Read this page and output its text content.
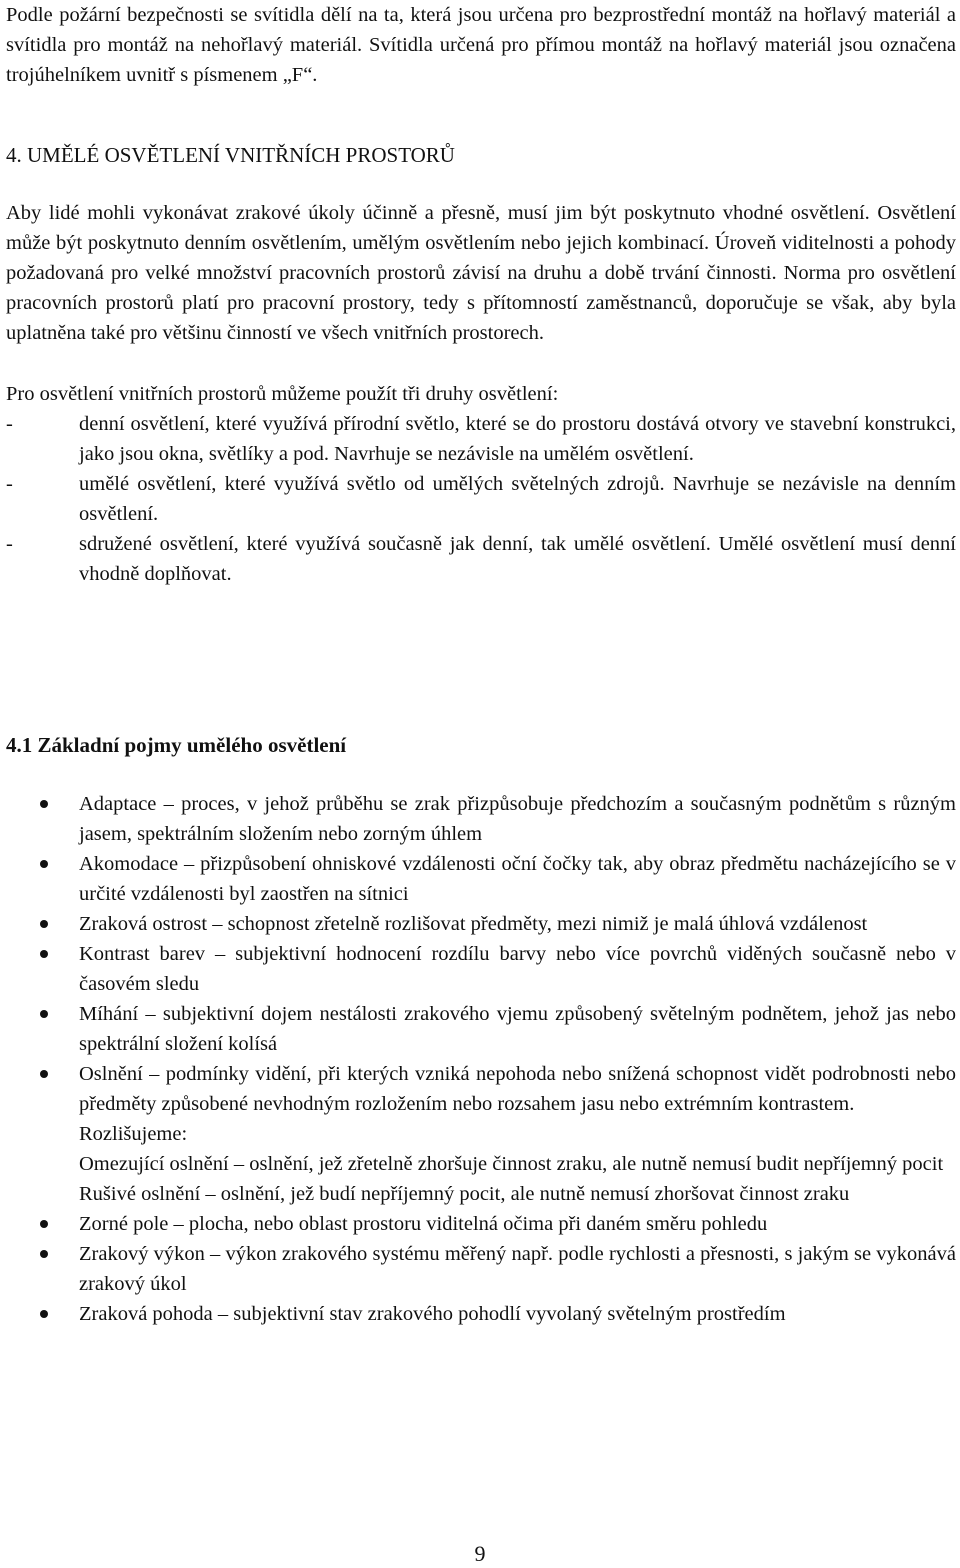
Podle požární bezpečnosti se svítidla dělí na ta, která jsou určena pro bezprostřední montáž na hořlavý materiál a svítidla pro montáž na nehořlavý materiál. Svítidla určená pro přímou montáž na hořlavý materiál jsou označena trojúhelníkem uvnitř s písmenem „F“.

4. UMĚLÉ OSVĚTLENÍ VNITŘNÍCH PROSTORŮ

Aby lidé mohli vykonávat zrakové úkoly účinně a přesně, musí jim být poskytnuto vhodné osvětlení. Osvětlení může být poskytnuto denním osvětlením, umělým osvětlením nebo jejich kombinací. Úroveň viditelnosti a pohody požadovaná pro velké množství pracovních prostorů závisí na druhu a době trvání činnosti. Norma pro osvětlení pracovních prostorů platí pro pracovní prostory, tedy s přítomností zaměstnanců, doporučuje se však, aby byla uplatněna také pro většinu činností ve všech vnitřních prostorech.

Pro osvětlení vnitřních prostorů můžeme použít tři druhy osvětlení:

-	denní osvětlení, které využívá přírodní světlo, které se do prostoru dostává otvory ve stavební konstrukci, jako jsou okna, světlíky a pod. Navrhuje se nezávisle na umělém osvětlení.
-	umělé osvětlení, které využívá světlo od umělých světelných zdrojů. Navrhuje se nezávisle na denním osvětlení.
-	sdružené osvětlení, které využívá současně jak denní, tak umělé osvětlení. Umělé osvětlení musí denní vhodně doplňovat.
4.1 Základní pojmy umělého osvětlení
Adaptace – proces, v jehož průběhu se zrak přizpůsobuje předchozím a současným podnětům s různým jasem, spektrálním složením nebo zorným úhlem
Akomodace – přizpůsobení ohniskové vzdálenosti oční čočky tak, aby obraz předmětu nacházejícího se v určité vzdálenosti byl zaostřen na sítnici
Zraková ostrost – schopnost zřetelně rozlišovat předměty, mezi nimiž je malá úhlová vzdálenost
Kontrast barev – subjektivní hodnocení rozdílu barvy nebo více povrchů viděných současně nebo v časovém sledu
Míhání – subjektivní dojem nestálosti zrakového vjemu způsobený světelným podnětem, jehož jas nebo spektrální složení kolísá
Oslnění – podmínky vidění, při kterých vzniká nepohoda nebo snížená schopnost vidět podrobnosti nebo předměty způsobené nevhodným rozložením nebo rozsahem jasu nebo extrémním kontrastem.
Rozlišujeme:
Omezující oslnění – oslnění, jež zřetelně zhoršuje činnost zraku, ale nutně nemusí budit nepříjemný pocit
Rušivé oslnění – oslnění, jež budí nepříjemný pocit, ale nutně nemusí zhoršovat činnost zraku
Zorné pole – plocha, nebo oblast prostoru viditelná očima při daném směru pohledu
Zrakový výkon – výkon zrakového systému měřený např. podle rychlosti a přesnosti, s jakým se vykonává zrakový úkol
Zraková pohoda – subjektivní stav zrakového pohodlí vyvolaný světelným prostředím
9
